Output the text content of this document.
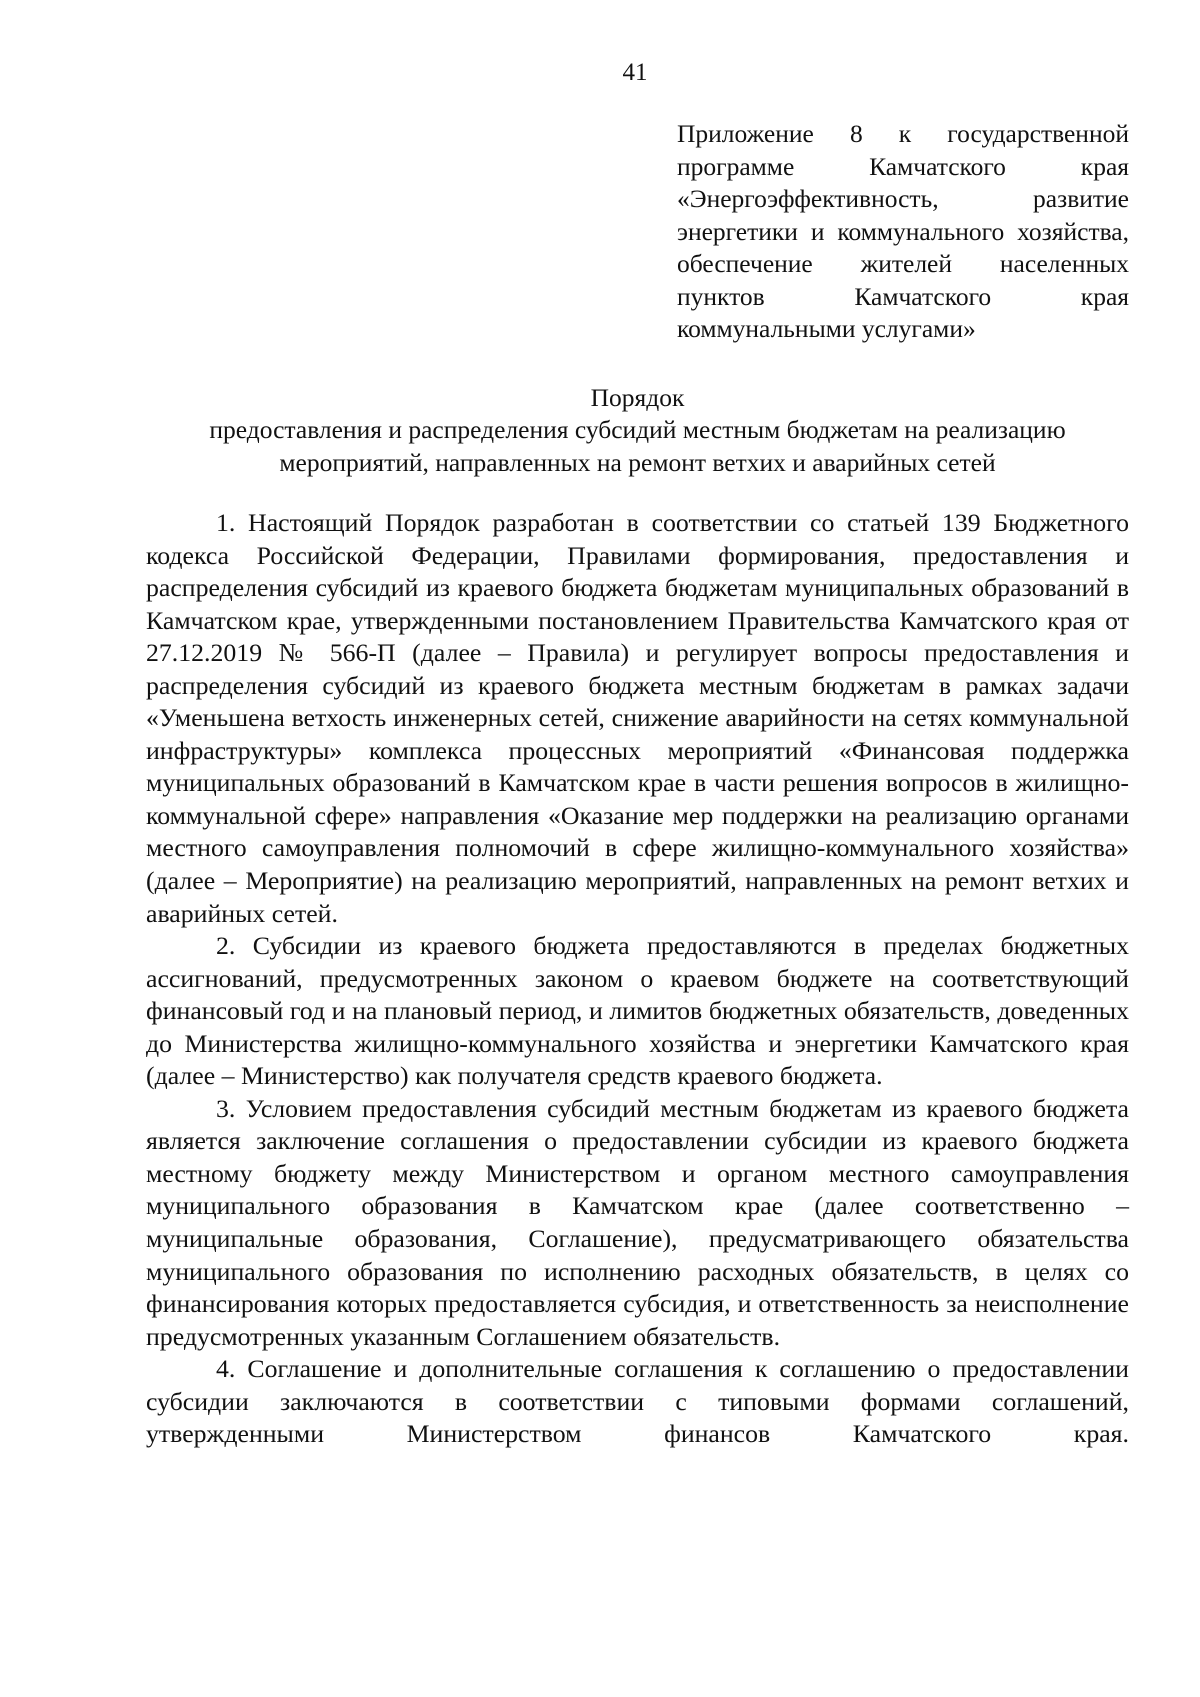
41
Приложение 8 к государственной программе Камчатского края «Энергоэффективность, развитие энергетики и коммунального хозяйства, обеспечение жителей населенных пунктов Камчатского края коммунальными услугами»
Порядок
предоставления и распределения субсидий местным бюджетам на реализацию
мероприятий, направленных на ремонт ветхих и аварийных сетей

1. Настоящий Порядок разработан в соответствии со статьей 139 Бюджетного кодекса Российской Федерации, Правилами формирования, предоставления и распределения субсидий из краевого бюджета бюджетам муниципальных образований в Камчатском крае, утвержденными постановлением Правительства Камчатского края от 27.12.2019 № 566-П (далее – Правила) и регулирует вопросы предоставления и распределения субсидий из краевого бюджета местным бюджетам в рамках задачи «Уменьшена ветхость инженерных сетей, снижение аварийности на сетях коммунальной инфраструктуры» комплекса процессных мероприятий «Финансовая поддержка муниципальных образований в Камчатском крае в части решения вопросов в жилищно-коммунальной сфере» направления «Оказание мер поддержки на реализацию органами местного самоуправления полномочий в сфере жилищно-коммунального хозяйства» (далее – Мероприятие) на реализацию мероприятий, направленных на ремонт ветхих и аварийных сетей.

2. Субсидии из краевого бюджета предоставляются в пределах бюджетных ассигнований, предусмотренных законом о краевом бюджете на соответствующий финансовый год и на плановый период, и лимитов бюджетных обязательств, доведенных до Министерства жилищно-коммунального хозяйства и энергетики Камчатского края (далее – Министерство) как получателя средств краевого бюджета.

3. Условием предоставления субсидий местным бюджетам из краевого бюджета является заключение соглашения о предоставлении субсидии из краевого бюджета местному бюджету между Министерством и органом местного самоуправления муниципального образования в Камчатском крае (далее соответственно – муниципальные образования, Соглашение), предусматривающего обязательства муниципального образования по исполнению расходных обязательств, в целях со финансирования которых предоставляется субсидия, и ответственность за неисполнение предусмотренных указанным Соглашением обязательств.

4. Соглашение и дополнительные соглашения к соглашению о предоставлении субсидии заключаются в соответствии с типовыми формами соглашений, утвержденными Министерством финансов Камчатского края.
